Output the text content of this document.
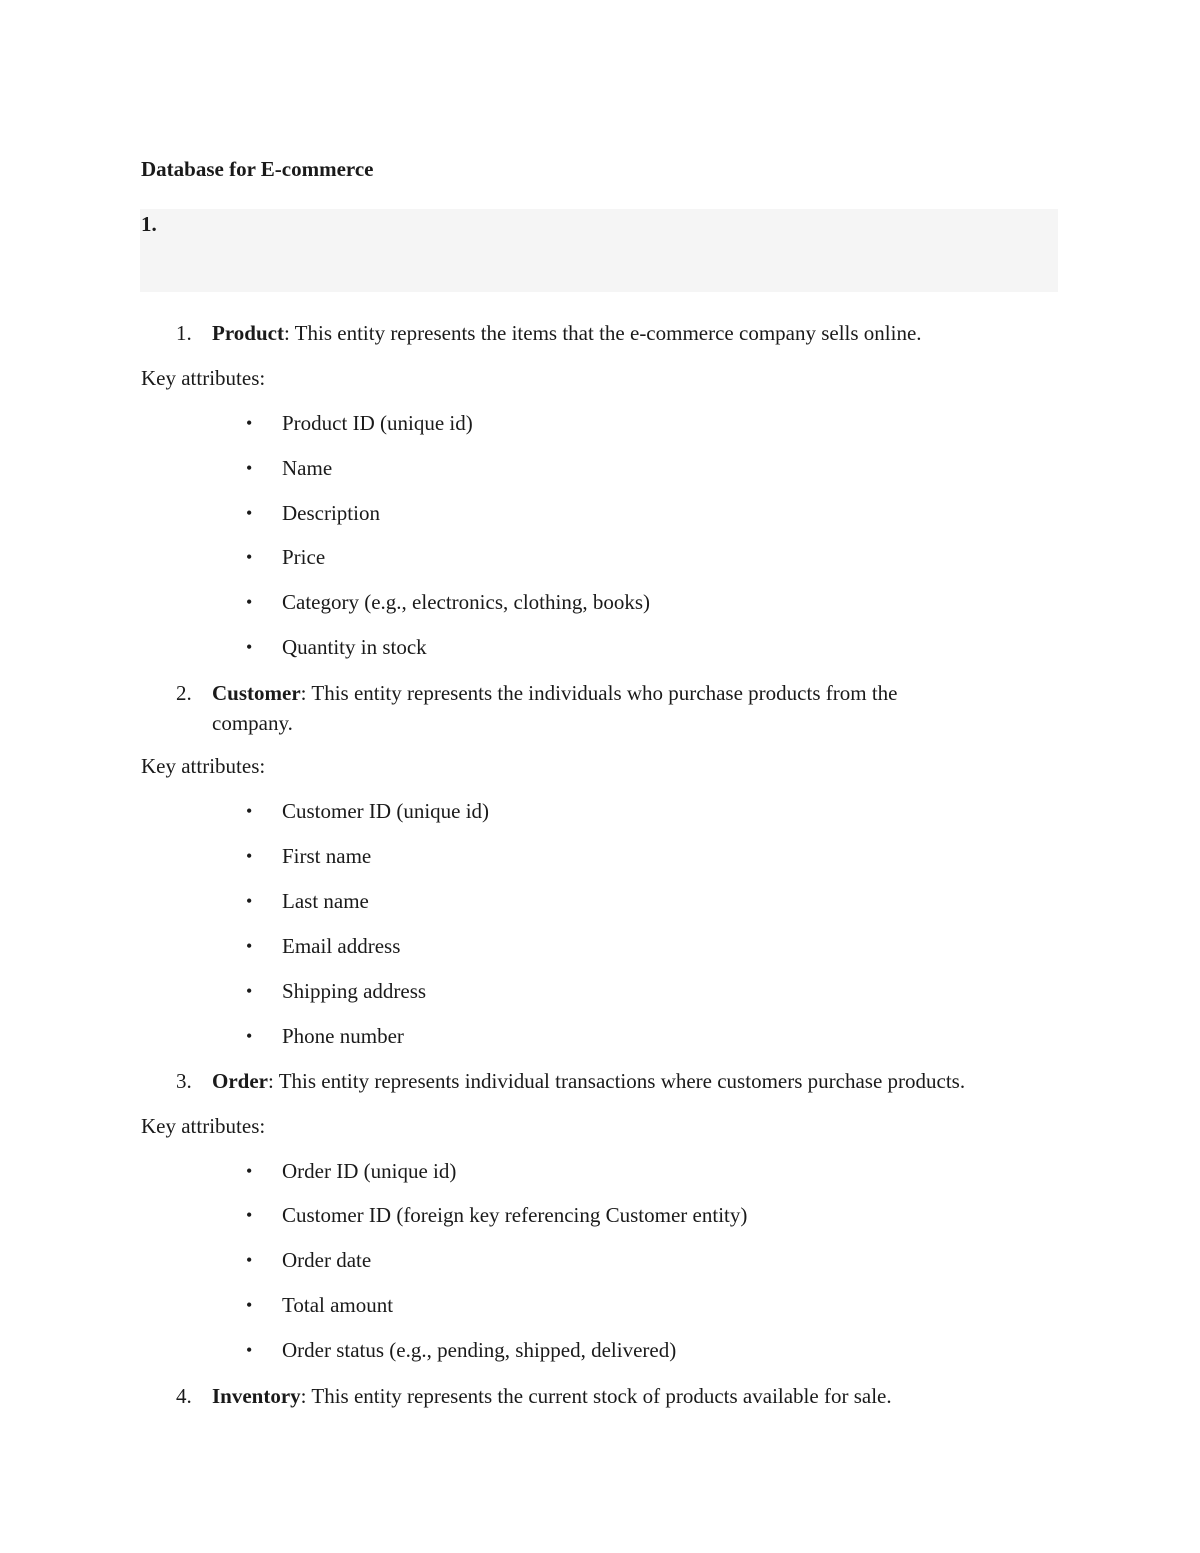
Database for E-commerce
1.
1. Product: This entity represents the items that the e-commerce company sells online.
Key attributes:
• Product ID (unique id)
• Name
• Description
• Price
• Category (e.g., electronics, clothing, books)
• Quantity in stock
2. Customer: This entity represents the individuals who purchase products from the
company.
Key attributes:
• Customer ID (unique id)
• First name
• Last name
• Email address
• Shipping address
• Phone number
3. Order: This entity represents individual transactions where customers purchase products.
Key attributes:
• Order ID (unique id)
• Customer ID (foreign key referencing Customer entity)
• Order date
• Total amount
• Order status (e.g., pending, shipped, delivered)
4. Inventory: This entity represents the current stock of products available for sale.
